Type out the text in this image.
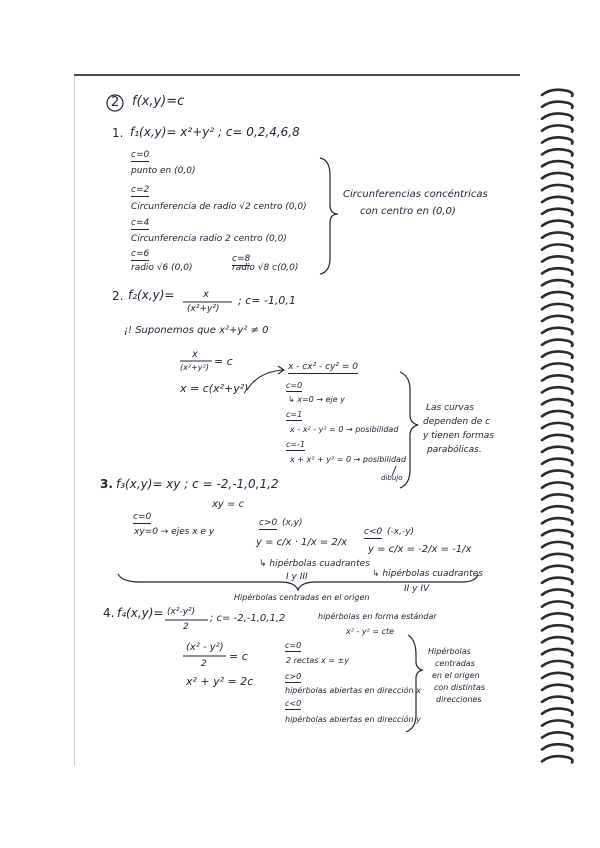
2 f(x,y)=c
1. f₁(x,y)= x²+y² ; c= 0,2,4,6,8
c=0
punto en (0,0)
c=2
Circunferencia de radio √2 centro (0,0)
c=4
Circunferencia radio 2 centro (0,0)
c=6
radio √6 (0,0)
c=8
radio √8 c(0,0)
Circunferencias concéntricas
con centro en (0,0)
2. f₂(x,y)=	x
(x²+y²)
; c= -1,0,1
¡! Suponemos que x²+y² ≠ 0
x
(x²+y²) = c
x = c(x²+y²)
x - cx² - cy² = 0
c=0
↳ x=0 → eje y
c=1
x - x² - y² = 0 → posibilidad
c=-1
x + x² + y² = 0 → posibilidad
dibujo
Las curvas
dependen de c
y tienen formas
parabólicas.
3. f₃(x,y)= xy ; c = -2,-1,0,1,2
xy = c
c=0
xy=0 → ejes x e y
c>0 (x,y)
y = c/x · 1/x = 2/x
↳ hipérbolas cuadrantes
I y III
c<0 (-x,-y)
y = c/x = -2/x = -1/x
↳ hipérbolas cuadrantes
II y IV
Hipérbolas centradas en el origen
4. f₄(x,y)= (x²-y²)
2
; c= -2,-1,0,1,2	hipérbolas en forma estándar
x² - y² = cte
(x² - y²)
2
= c
x² + y² = 2c
c=0
2 rectas x = ±y
c>0
hipérbolas abiertas en dirección x
c<0
hipérbolas abiertas en dirección y
Hipérbolas
centradas
en el origen
con distintas
direcciones
